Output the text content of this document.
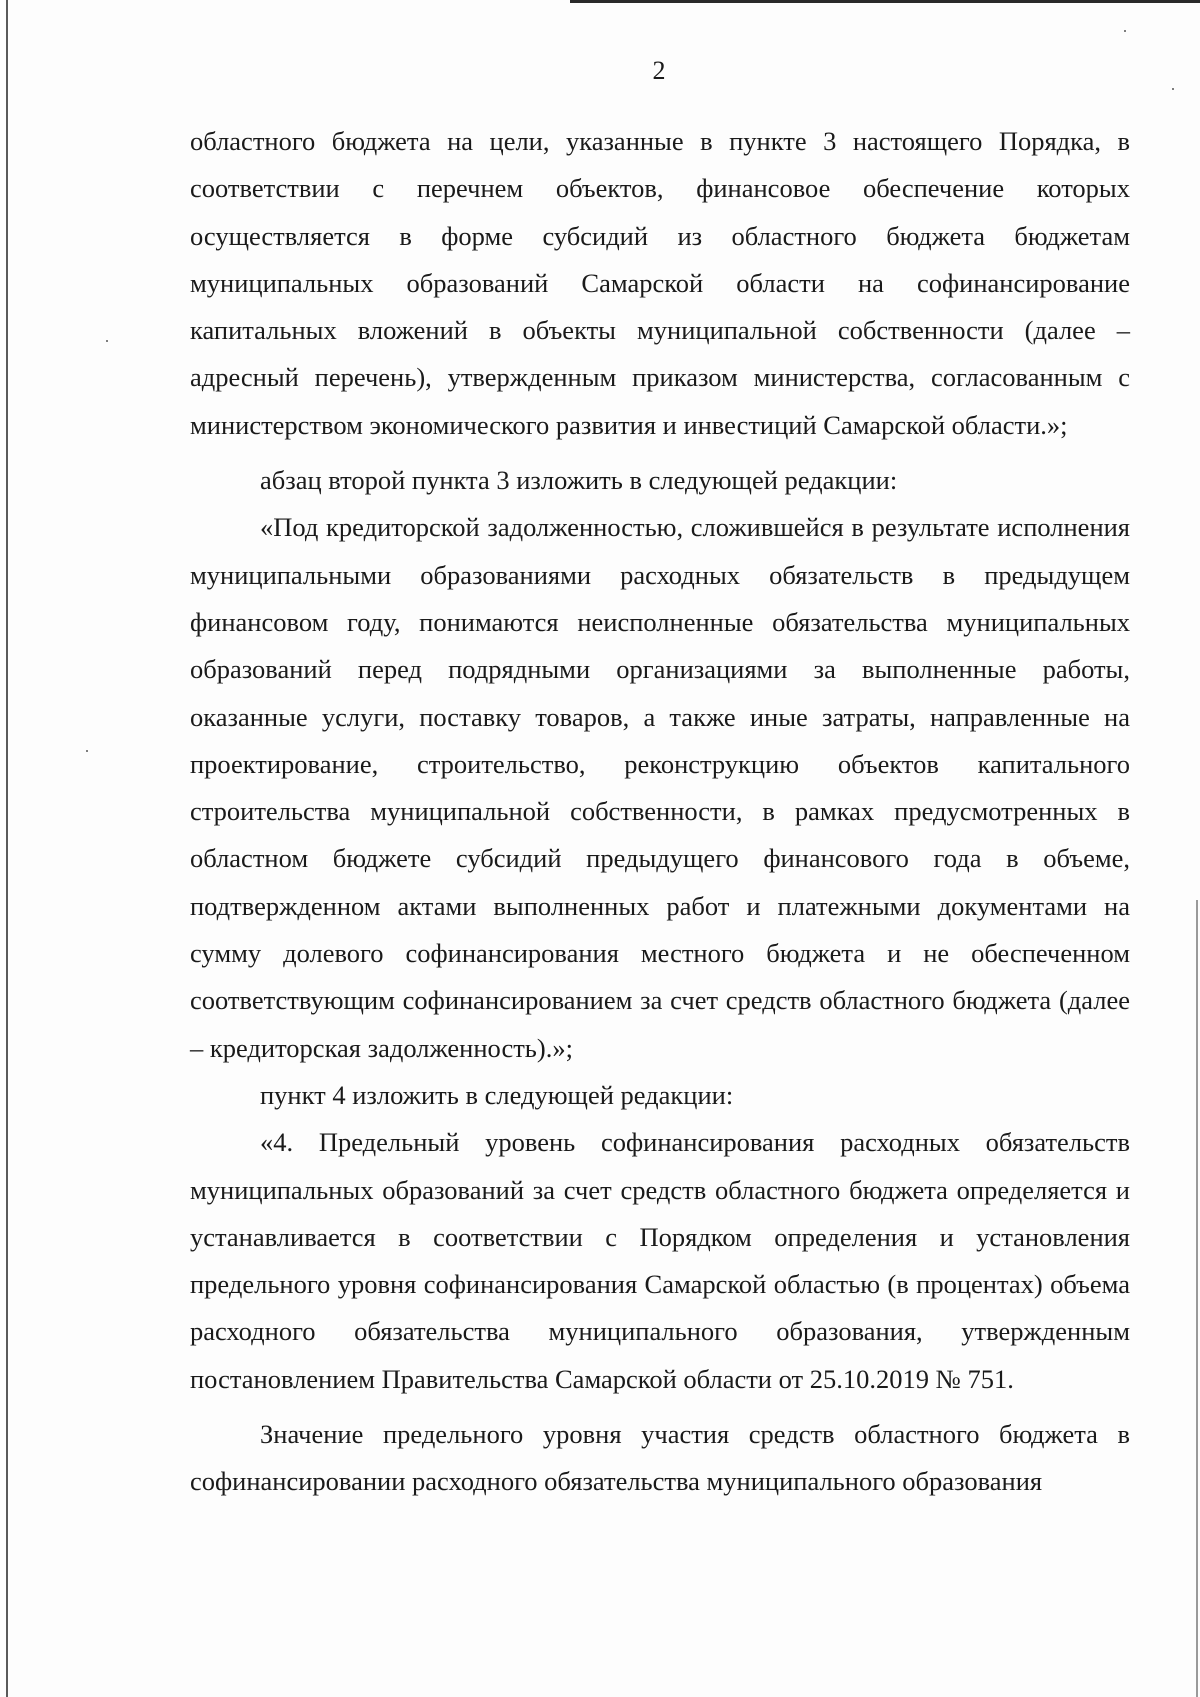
2

областного бюджета на цели, указанные в пункте 3 настоящего Порядка, в соответствии с перечнем объектов, финансовое обеспечение которых осуществляется в форме субсидий из областного бюджета бюджетам муниципальных образований Самарской области на софинансирование капитальных вложений в объекты муниципальной собственности (далее – адресный перечень), утвержденным приказом министерства, согласованным с министерством экономического развития и инвестиций Самарской области.»;

абзац второй пункта 3 изложить в следующей редакции:

«Под кредиторской задолженностью, сложившейся в результате исполнения муниципальными образованиями расходных обязательств в предыдущем финансовом году, понимаются неисполненные обязательства муниципальных образований перед подрядными организациями за выполненные работы, оказанные услуги, поставку товаров, а также иные затраты, направленные на проектирование, строительство, реконструкцию объектов капитального строительства муниципальной собственности, в рамках предусмотренных в областном бюджете субсидий предыдущего финансового года в объеме, подтвержденном актами выполненных работ и платежными документами на сумму долевого софинансирования местного бюджета и не обеспеченном соответствующим софинансированием за счет средств областного бюджета (далее – кредиторская задолженность).»;

пункт 4 изложить в следующей редакции:

«4. Предельный уровень софинансирования расходных обязательств муниципальных образований за счет средств областного бюджета определяется и устанавливается в соответствии с Порядком определения и установления предельного уровня софинансирования Самарской областью (в процентах) объема расходного обязательства муниципального образования, утвержденным постановлением Правительства Самарской области от 25.10.2019 № 751.

Значение предельного уровня участия средств областного бюджета в софинансировании расходного обязательства муниципального образования
